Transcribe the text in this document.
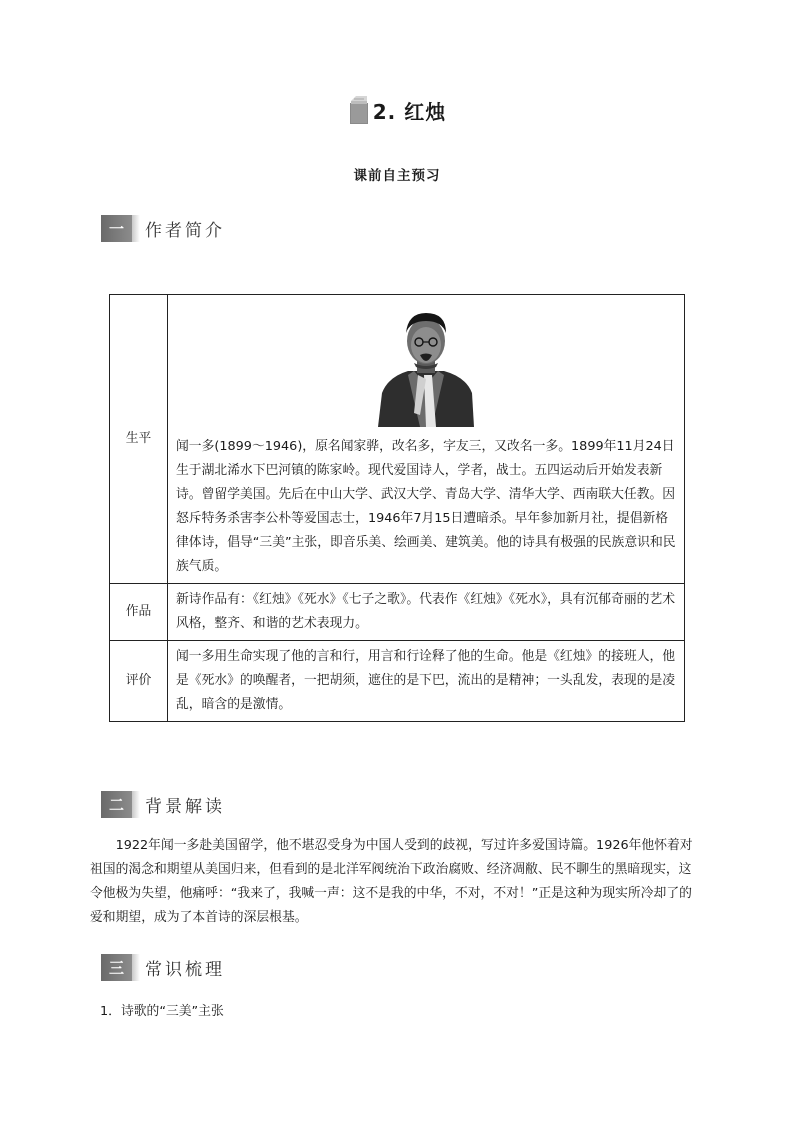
2. 红烛
课前自主预习
一	作者简介
生平	闻一多(1899～1946)，原名闻家骅，改名多，字友三，又改名一多。1899年11月24日生于湖北浠水下巴河镇的陈家岭。现代爱国诗人，学者，战士。五四运动后开始发表新诗。曾留学美国。先后在中山大学、武汉大学、青岛大学、清华大学、西南联大任教。因怒斥特务杀害李公朴等爱国志士，1946年7月15日遭暗杀。早年参加新月社，提倡新格律体诗，倡导“三美”主张，即音乐美、绘画美、建筑美。他的诗具有极强的民族意识和民族气质。

作品	新诗作品有：《红烛》《死水》《七子之歌》。代表作《红烛》《死水》，具有沉郁奇丽的艺术风格，整齐、和谐的艺术表现力。
评价	闻一多用生命实现了他的言和行，用言和行诠释了他的生命。他是《红烛》的接班人，他是《死水》的唤醒者，一把胡须，遮住的是下巴，流出的是精神；一头乱发，表现的是凌乱，暗含的是激情。
二	背景解读
1922年闻一多赴美国留学，他不堪忍受身为中国人受到的歧视，写过许多爱国诗篇。1926年他怀着对祖国的渴念和期望从美国归来，但看到的是北洋军阀统治下政治腐败、经济凋敝、民不聊生的黑暗现实，这令他极为失望，他痛呼：“我来了，我喊一声：这不是我的中华，不对，不对！”正是这种为现实所冷却了的爱和期望，成为了本首诗的深层根基。
三	常识梳理
1．诗歌的“三美”主张
